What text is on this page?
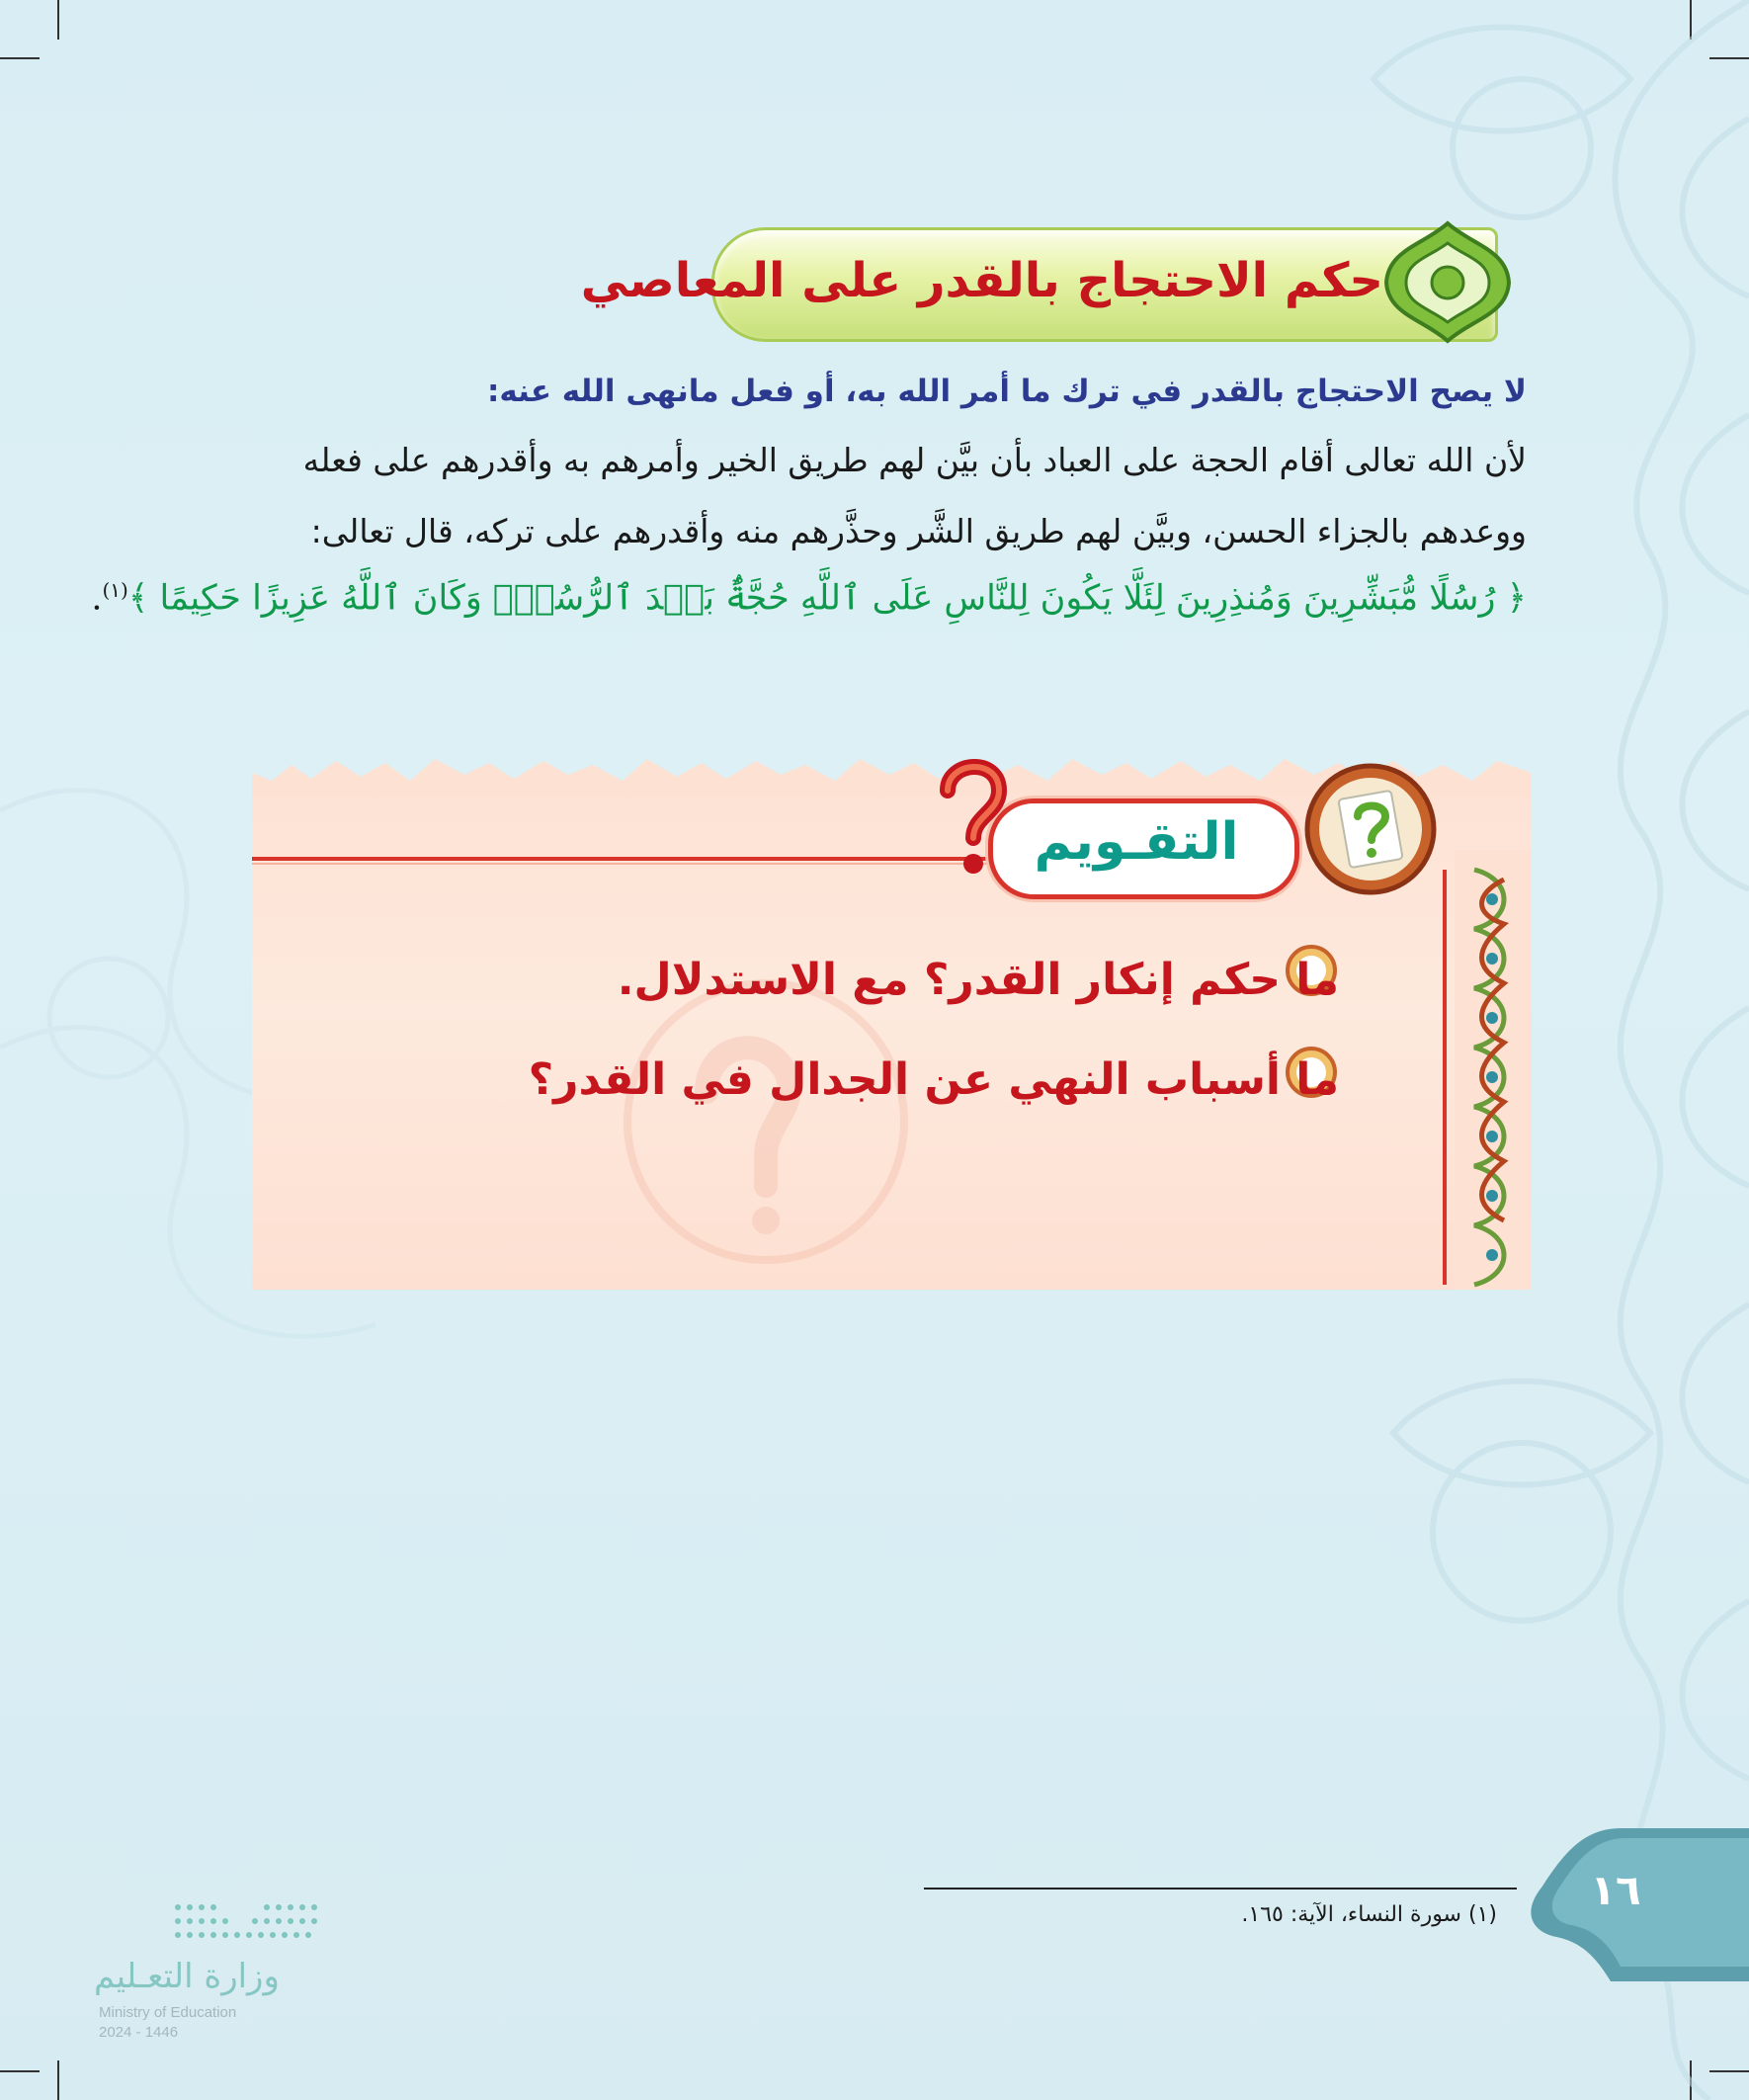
حكم الاحتجاج بالقدر على المعاصي
لا يصح الاحتجاج بالقدر في ترك ما أمر الله به، أو فعل مانهى الله عنه:
لأن الله تعالى أقام الحجة على العباد بأن بيَّن لهم طريق الخير وأمرهم به وأقدرهم على فعله
ووعدهم بالجزاء الحسن، وبيَّن لهم طريق الشَّر وحذَّرهم منه وأقدرهم على تركه، قال تعالى:
﴿ رُسُلًا مُّبَشِّرِينَ وَمُنذِرِينَ لِئَلَّا يَكُونَ لِلنَّاسِ عَلَى ٱللَّهِ حُجَّةٌۢ بَعۡدَ ٱلرُّسُلِۚ وَكَانَ ٱللَّهُ عَزِيزًا حَكِيمًا ﴾$^{(١)}$.
التقـويم
ما حكم إنكار القدر؟ مع الاستدلال.
ما أسباب النهي عن الجدال في القدر؟
(١) سورة النساء، الآية: ١٦٥.
١٦
وزارة التعـليم
Ministry of Education
2024 - 1446
